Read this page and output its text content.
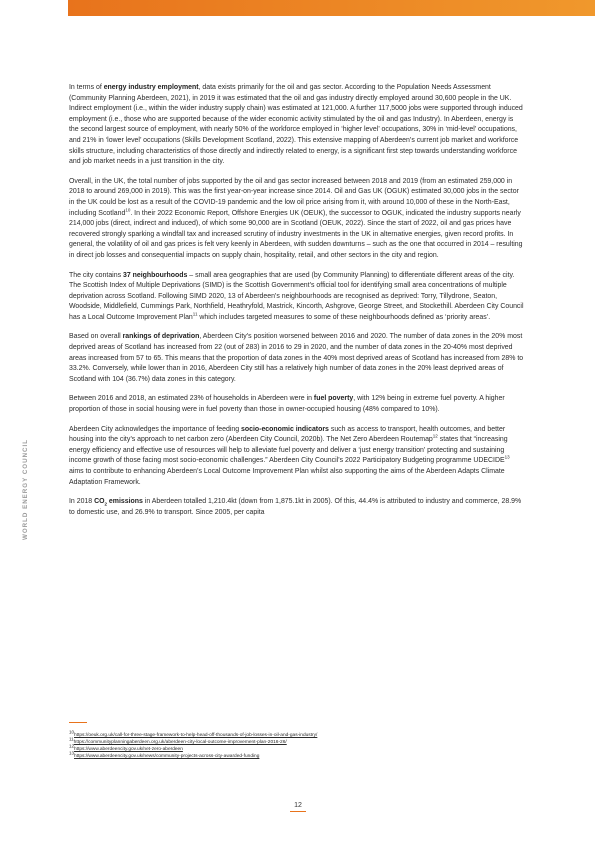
WORLD ENERGY COUNCIL

In terms of energy industry employment, data exists primarily for the oil and gas sector. According to the Population Needs Assessment (Community Planning Aberdeen, 2021), in 2019 it was estimated that the oil and gas industry directly employed around 30,600 people in the UK. Indirect employment (i.e., within the wider industry supply chain) was estimated at 121,000. A further 117,5000 jobs were supported through induced employment (i.e., those who are supported because of the wider economic activity stimulated by the oil and gas Industry). In Aberdeen, energy is the second largest source of employment, with nearly 50% of the workforce employed in ‘higher level’ occupations, 30% in ‘mid-level’ occupations, and 21% in ‘lower level’ occupations (Skills Development Scotland, 2022). This extensive mapping of Aberdeen’s current job market and workforce skills structure, including characteristics of those directly and indirectly related to energy, is a significant first step towards understanding workforce and job market needs in a just transition in the city.

Overall, in the UK, the total number of jobs supported by the oil and gas sector increased between 2018 and 2019 (from an estimated 259,000 in 2018 to around 269,000 in 2019). This was the first year-on-year increase since 2014. Oil and Gas UK (OGUK) estimated 30,000 jobs in the sector in the UK could be lost as a result of the COVID-19 pandemic and the low oil price arising from it, with around 10,000 of these in the North-East, including Scotland$^{10}$. In their 2022 Economic Report, Offshore Energies UK (OEUK), the successor to OGUK, indicated the industry supports nearly 214,000 jobs (direct, indirect and induced), of which some 90,000 are in Scotland (OEUK, 2022). Since the start of 2022, oil and gas prices have recovered strongly sparking a windfall tax and increased scrutiny of industry investments in the UK in alternative energies, given record profits. In general, the volatility of oil and gas prices is felt very keenly in Aberdeen, with sudden downturns – such as the one that occurred in 2014 – resulting in direct job losses and consequential impacts on supply chain, hospitality, retail, and other sectors in the city and region.

The city contains 37 neighbourhoods – small area geographies that are used (by Community Planning) to differentiate different areas of the city. The Scottish Index of Multiple Deprivations (SIMD) is the Scottish Government’s official tool for identifying small area concentrations of multiple deprivation across Scotland. Following SIMD 2020, 13 of Aberdeen’s neighbourhoods are recognised as deprived: Torry, Tillydrone, Seaton, Woodside, Middlefield, Cummings Park, Northfield, Heathryfold, Mastrick, Kincorth, Ashgrove, George Street, and Stockethill. Aberdeen City Council has a Local Outcome Improvement Plan$^{11}$ which includes targeted measures to some of these neighbourhoods defined as ‘priority areas’.

Based on overall rankings of deprivation, Aberdeen City’s position worsened between 2016 and 2020. The number of data zones in the 20% most deprived areas of Scotland has increased from 22 (out of 283) in 2016 to 29 in 2020, and the number of data zones in the 20-40% most deprived areas increased from 57 to 65. This means that the proportion of data zones in the 40% most deprived areas of Scotland has increased from 28% to 33.2%. Conversely, while lower than in 2016, Aberdeen City still has a relatively high number of data zones in the 20% least deprived areas of Scotland with 104 (36.7%) data zones in this category.

Between 2016 and 2018, an estimated 23% of households in Aberdeen were in fuel poverty, with 12% being in extreme fuel poverty. A higher proportion of those in social housing were in fuel poverty than those in owner-occupied housing (48% compared to 10%).

Aberdeen City acknowledges the importance of feeding socio-economic indicators such as access to transport, health outcomes, and better housing into the city’s approach to net carbon zero (Aberdeen City Council, 2020b). The Net Zero Aberdeen Routemap$^{12}$ states that “increasing energy efficiency and effective use of resources will help to alleviate fuel poverty and deliver a ‘just energy transition’ protecting and sustaining income growth of those facing most socio-economic challenges.” Aberdeen City Council’s 2022 Participatory Budgeting programme UDECIDE$^{13}$ aims to contribute to enhancing Aberdeen’s Local Outcome Improvement Plan whilst also supporting the aims of the Aberdeen Adapts Climate Adaptation Framework.

In 2018 $CO_2$ emissions in Aberdeen totalled 1,210.4kt (down from 1,875.1kt in 2005). Of this, 44.4% is attributed to industry and commerce, 28.9% to domestic use, and 26.9% to transport. Since 2005, per capita

$^{10}$https://oeuk.org.uk/call-for-three-stage-framework-to-help-head-off-thousands-of-job-losses-in-oil-and-gas-industry/
$^{11}$https://communityplanningaberdeen.org.uk/aberdeen-city-local-outcome-improvement-plan-2016-26/
$^{12}$https://www.aberdeencity.gov.uk/net-zero-aberdeen
$^{13}$https://www.aberdeencity.gov.uk/news/community-projects-across-city-awarded-funding
12
